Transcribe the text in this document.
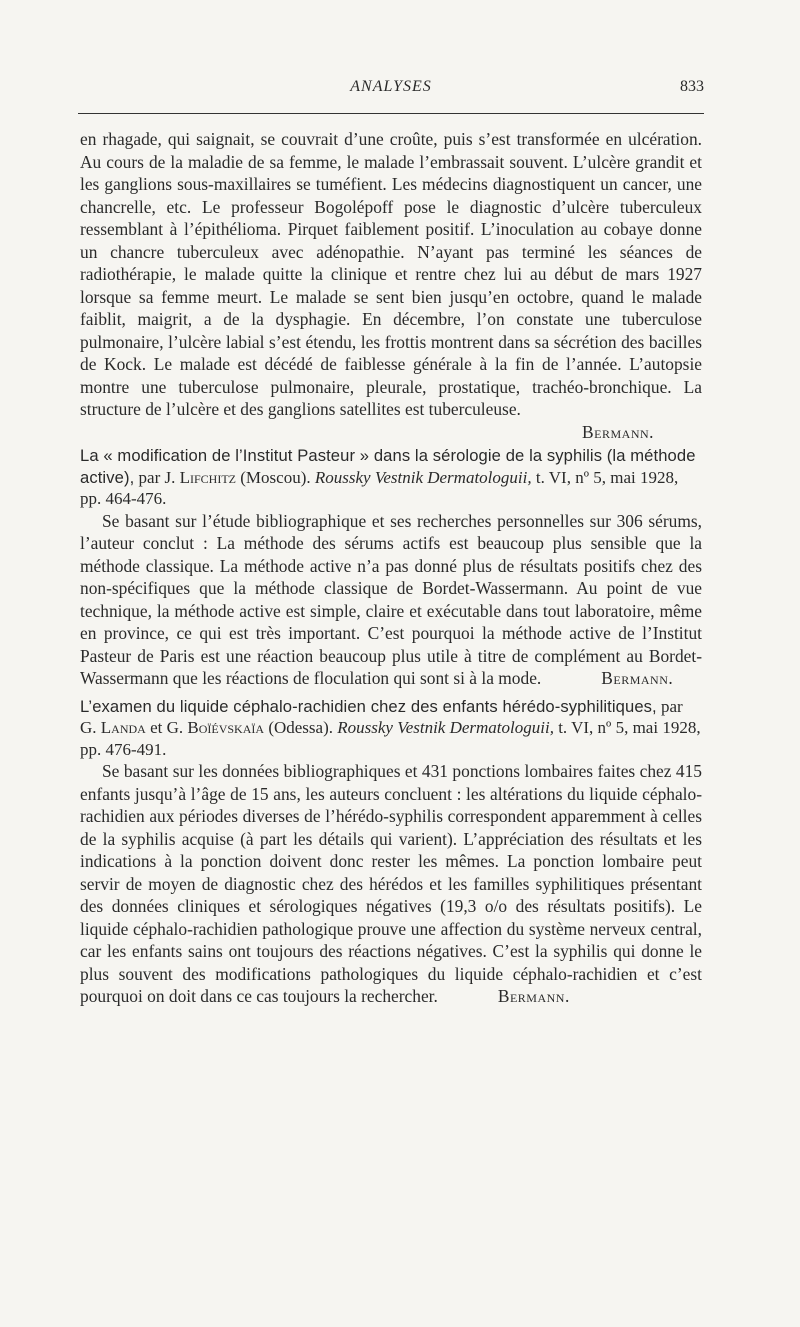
ANALYSES	833

en rhagade, qui saignait, se couvrait d’une croûte, puis s’est transformée en ulcération. Au cours de la maladie de sa femme, le malade l’embrassait souvent. L’ulcère grandit et les ganglions sous-maxillaires se tuméfient. Les médecins diagnostiquent un cancer, une chancrelle, etc. Le professeur Bogolépoff pose le diagnostic d’ulcère tuberculeux ressemblant à l’épithélioma. Pirquet faiblement positif. L’inoculation au cobaye donne un chancre tuberculeux avec adénopathie. N’ayant pas terminé les séances de radiothérapie, le malade quitte la clinique et rentre chez lui au début de mars 1927 lorsque sa femme meurt. Le malade se sent bien jusqu’en octobre, quand le malade faiblit, maigrit, a de la dysphagie. En décembre, l’on constate une tuberculose pulmonaire, l’ulcère labial s’est étendu, les frottis montrent dans sa sécrétion des bacilles de Kock. Le malade est décédé de faiblesse générale à la fin de l’année. L’autopsie montre une tuberculose pulmonaire, pleurale, prostatique, trachéo-bronchique. La structure de l’ulcère et des ganglions satellites est tuberculeuse.

Bermann.

La « modification de l’Institut Pasteur » dans la sérologie de la syphilis (la méthode active), par J. Lifchitz (Moscou). Roussky Vestnik Dermatologuii, t. VI, nº 5, mai 1928, pp. 464-476.

Se basant sur l’étude bibliographique et ses recherches personnelles sur 306 sérums, l’auteur conclut : La méthode des sérums actifs est beaucoup plus sensible que la méthode classique. La méthode active n’a pas donné plus de résultats positifs chez des non-spécifiques que la méthode classique de Bordet-Wassermann. Au point de vue technique, la méthode active est simple, claire et exécutable dans tout laboratoire, même en province, ce qui est très important. C’est pourquoi la méthode active de l’Institut Pasteur de Paris est une réaction beaucoup plus utile à titre de complément au Bordet-Wassermann que les réactions de floculation qui sont si à la mode.	Bermann.

L’examen du liquide céphalo-rachidien chez des enfants hérédo-syphilitiques, par G. Landa et G. Boïévskaïa (Odessa). Roussky Vestnik Dermatologuii, t. VI, nº 5, mai 1928, pp. 476-491.

Se basant sur les données bibliographiques et 431 ponctions lombaires faites chez 415 enfants jusqu’à l’âge de 15 ans, les auteurs concluent : les altérations du liquide céphalo-rachidien aux périodes diverses de l’hérédo-syphilis correspondent apparemment à celles de la syphilis acquise (à part les détails qui varient). L’appréciation des résultats et les indications à la ponction doivent donc rester les mêmes. La ponction lombaire peut servir de moyen de diagnostic chez des hérédos et les familles syphilitiques présentant des données cliniques et sérologiques négatives (19,3 o/o des résultats positifs). Le liquide céphalo-rachidien pathologique prouve une affection du système nerveux central, car les enfants sains ont toujours des réactions négatives. C’est la syphilis qui donne le plus souvent des modifications pathologiques du liquide céphalo-rachidien et c’est pourquoi on doit dans ce cas toujours la rechercher.	Bermann.
